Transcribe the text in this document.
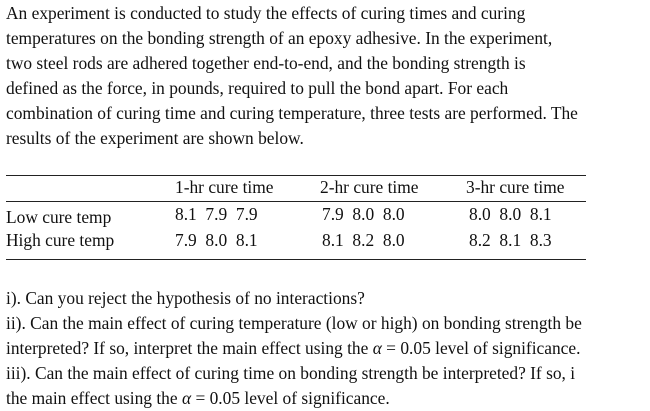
An experiment is conducted to study the effects of curing times and curing
temperatures on the bonding strength of an epoxy adhesive. In the experiment,
two steel rods are adhered together end-to-end, and the bonding strength is
defined as the force, in pounds, required to pull the bond apart. For each
combination of curing time and curing temperature, three tests are performed. The
results of the experiment are shown below.
1-hr cure time	2-hr cure time	3-hr cure time
Low cure temp	8.1  7.9  7.9	7.9  8.0  8.0	8.0  8.0  8.1
High cure temp	7.9  8.0  8.1	8.1  8.2  8.0	8.2  8.1  8.3
i). Can you reject the hypothesis of no interactions?
ii). Can the main effect of curing temperature (low or high) on bonding strength be
interpreted? If so, interpret the main effect using the α = 0.05 level of significance.
iii). Can the main effect of curing time on bonding strength be interpreted? If so, i
the main effect using the α = 0.05 level of significance.
